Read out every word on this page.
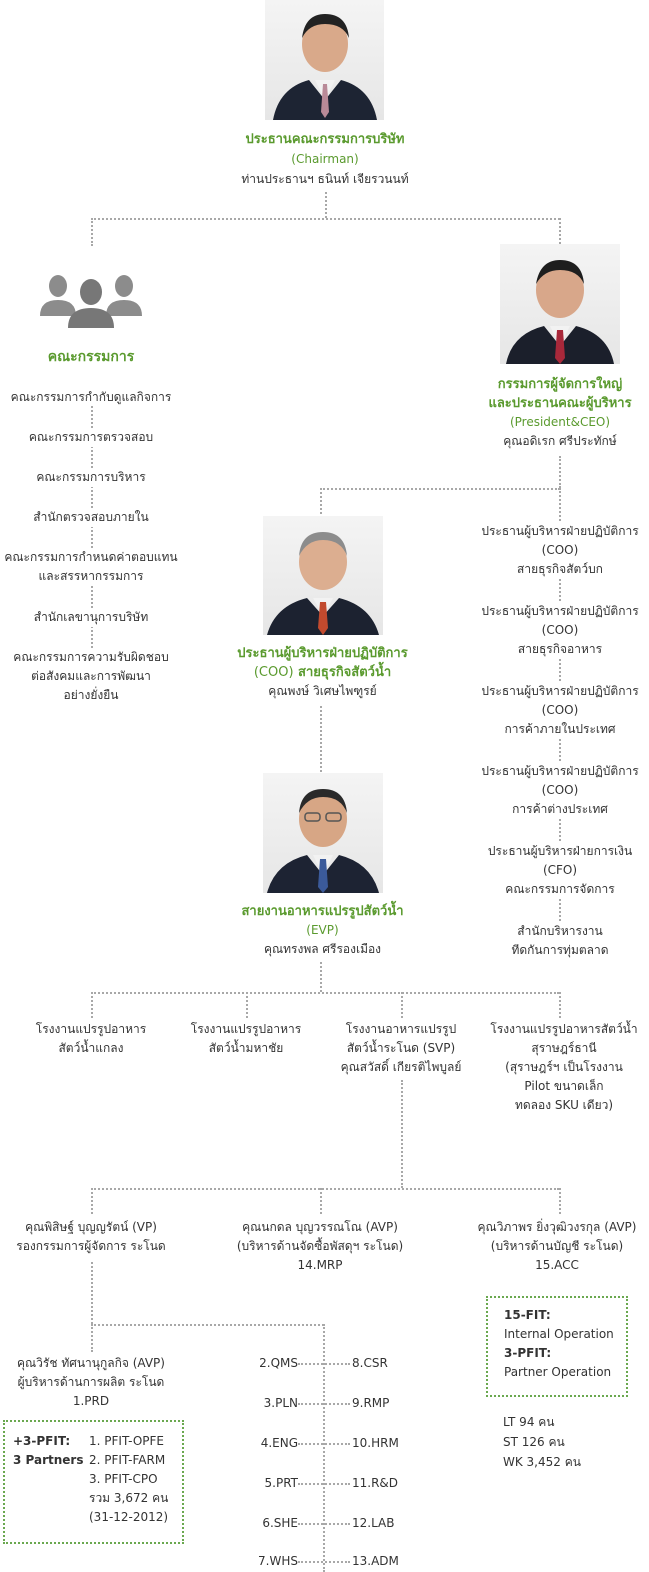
ประธานคณะกรรมการบริษัท
(Chairman)
ท่านประธานฯ ธนินท์ เจียรวนนท์
คณะกรรมการ
คณะกรรมการกำกับดูแลกิจการ
คณะกรรมการตรวจสอบ
คณะกรรมการบริหาร
สำนักตรวจสอบภายใน
คณะกรรมการกำหนดค่าตอบแทน
และสรรหากรรมการ
สำนักเลขานุการบริษัท
คณะกรรมการความรับผิดชอบ
ต่อสังคมและการพัฒนา
อย่างยั่งยืน
กรรมการผู้จัดการใหญ่
และประธานคณะผู้บริหาร
(President&CEO)
คุณอดิเรก ศรีประทักษ์
ประธานผู้บริหารฝ่ายปฏิบัติการ
(COO) สายธุรกิจสัตว์น้ำ
คุณพงษ์ วิเศษไพฑูรย์
ประธานผู้บริหารฝ่ายปฏิบัติการ
(COO)
สายธุรกิจสัตว์บก
ประธานผู้บริหารฝ่ายปฏิบัติการ
(COO)
สายธุรกิจอาหาร
ประธานผู้บริหารฝ่ายปฏิบัติการ
(COO)
การค้าภายในประเทศ
ประธานผู้บริหารฝ่ายปฏิบัติการ
(COO)
การค้าต่างประเทศ
ประธานผู้บริหารฝ่ายการเงิน
(CFO)
คณะกรรมการจัดการ
สำนักบริหารงาน
ทีดกันการทุ่มตลาด
สายงานอาหารแปรรูปสัตว์น้ำ
(EVP)
คุณทรงพล ศรีรองเมือง
โรงงานแปรรูปอาหาร
สัตว์น้ำแกลง
โรงงานแปรรูปอาหาร
สัตว์น้ำมหาชัย
โรงงานอาหารแปรรูป
สัตว์น้ำระโนด (SVP)
คุณสวัสดิ์ เกียรติไพบูลย์
โรงงานแปรรูปอาหารสัตว์น้ำ
สุราษฎร์ธานี
(สุราษฎร์ฯ เป็นโรงงาน
Pilot ขนาดเล็ก
ทดลอง SKU เดียว)
คุณพิสิษฐ์ บุญญรัตน์ (VP)
รองกรรมการผู้จัดการ ระโนด
คุณนกดล บุญวรรณโณ (AVP)
(บริหารด้านจัดซื้อพัสดุฯ ระโนด)
14.MRP
คุณวิภาพร ยิ่งวุฒิวงรกุล (AVP)
(บริหารด้านบัญชี ระโนด)
15.ACC
15-FIT:
Internal Operation
3-PFIT:
Partner Operation
LT 94 คน
ST 126 คน
WK 3,452 คน
คุณวิรัช ทัศนานุกูลกิจ (AVP)
ผู้บริหารด้านการผลิต ระโนด
1.PRD
+3-PFIT:
3 Partners
1. PFIT-OPFE
2. PFIT-FARM
3. PFIT-CPO
รวม 3,672 คน
(31-12-2012)
2.QMS
3.PLN
4.ENG
5.PRT
6.SHE
7.WHS
8.CSR
9.RMP
10.HRM
11.R&D
12.LAB
13.ADM
